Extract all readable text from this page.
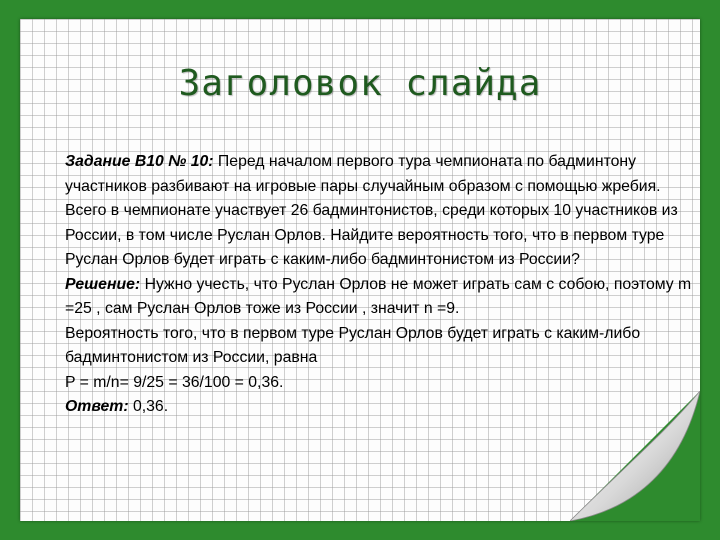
Заголовок слайда
Задание В10 № 10: Перед началом первого тура чемпионата по бадминтону участников разбивают на игровые пары случайным образом с помощью жребия. Всего в чемпионате участвует 26 бадминтонистов, среди которых 10 участников из России, в том числе Руслан Орлов. Найдите вероятность того, что в первом туре Руслан Орлов будет играть с каким-либо бадминтонистом из России?
Решение: Нужно учесть, что Руслан Орлов не может играть сам с собою, поэтому m =25 , сам Руслан Орлов тоже из России , значит n =9.
Вероятность того, что в первом туре Руслан Орлов будет играть с каким-либо бадминтонистом из России, равна
P = m/n= 9/25 = 36/100 = 0,36.
Ответ: 0,36.
